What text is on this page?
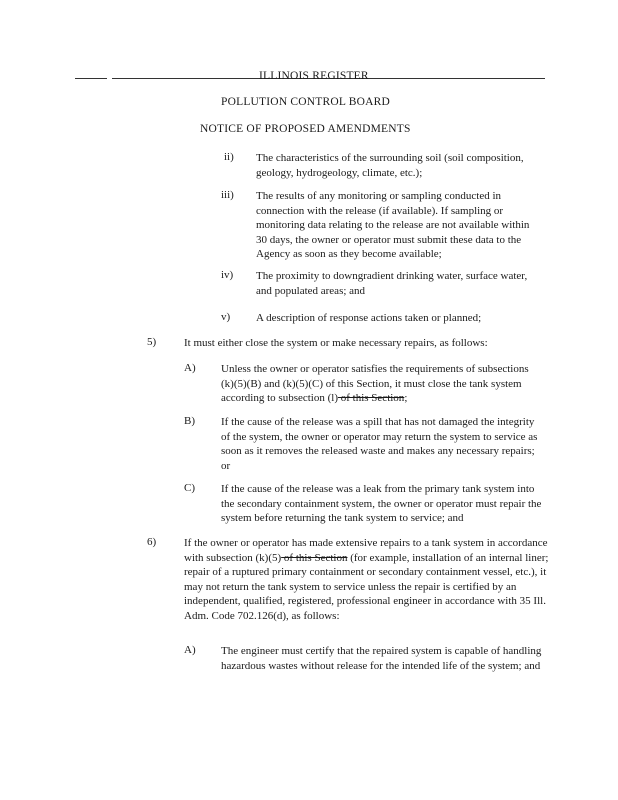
ILLINOIS REGISTER
POLLUTION CONTROL BOARD
NOTICE OF PROPOSED AMENDMENTS
ii) The characteristics of the surrounding soil (soil composition, geology, hydrogeology, climate, etc.);
iii) The results of any monitoring or sampling conducted in connection with the release (if available). If sampling or monitoring data relating to the release are not available within 30 days, the owner or operator must submit these data to the Agency as soon as they become available;
iv) The proximity to downgradient drinking water, surface water, and populated areas; and
v) A description of response actions taken or planned;
5)	It must either close the system or make necessary repairs, as follows:
A) Unless the owner or operator satisfies the requirements of subsections (k)(5)(B) and (k)(5)(C) of this Section, it must close the tank system according to subsection (l) of this Section;
B) If the cause of the release was a spill that has not damaged the integrity of the system, the owner or operator may return the system to service as soon as it removes the released waste and makes any necessary repairs; or
C) If the cause of the release was a leak from the primary tank system into the secondary containment system, the owner or operator must repair the system before returning the tank system to service; and
6)	If the owner or operator has made extensive repairs to a tank system in accordance with subsection (k)(5) of this Section (for example, installation of an internal liner; repair of a ruptured primary containment or secondary containment vessel, etc.), it may not return the tank system to service unless the repair is certified by an independent, qualified, registered, professional engineer in accordance with 35 Ill. Adm. Code 702.126(d), as follows:
A) The engineer must certify that the repaired system is capable of handling hazardous wastes without release for the intended life of the system; and
